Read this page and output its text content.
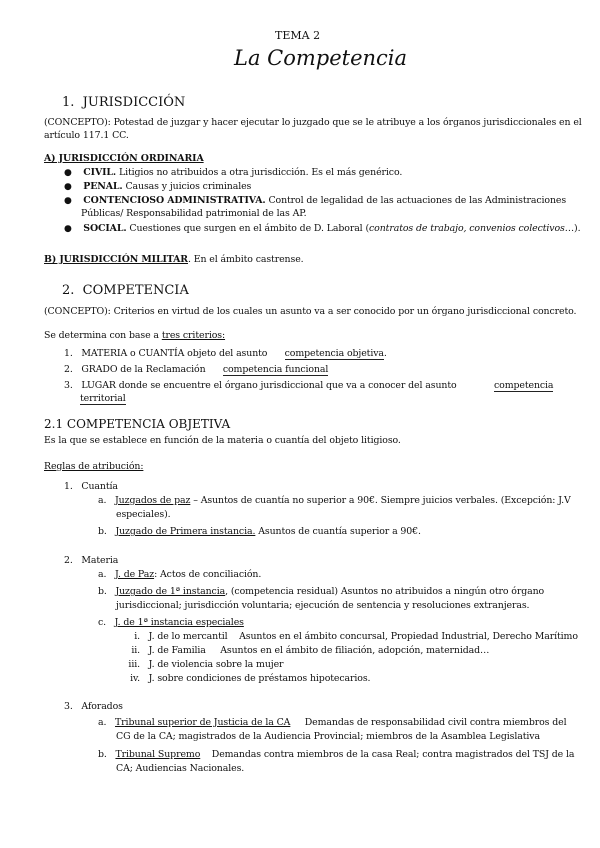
TEMA 2
La Competencia
1. JURISDICCIÓN
(CONCEPTO): Potestad de juzgar y hacer ejecutar lo juzgado que se le atribuye a los órganos jurisdiccionales en el
artículo 117.1 CC.
A) JURISDICCIÓN ORDINARIA
● CIVIL. Litigios no atribuidos a otra jurisdicción. Es el más genérico.
● PENAL. Causas y juicios criminales
● CONTENCIOSO ADMINISTRATIVA. Control de legalidad de las actuaciones de las Administraciones
Públicas/ Responsabilidad patrimonial de las AP.
● SOCIAL. Cuestiones que surgen en el ámbito de D. Laboral (contratos de trabajo, convenios colectivos…).
B) JURISDICCIÓN MILITAR. En el ámbito castrense.
2. COMPETENCIA
(CONCEPTO): Criterios en virtud de los cuales un asunto va a ser conocido por un órgano jurisdiccional concreto.
Se determina con base a tres criterios:
1. MATERIA o CUANTÍA objeto del asunto competencia objetiva.
2. GRADO de la Reclamación competencia funcional
3. LUGAR donde se encuentre el órgano jurisdiccional que va a conocer del asunto	competencia
territorial
2.1 COMPETENCIA OBJETIVA
Es la que se establece en función de la materia o cuantía del objeto litigioso.
Reglas de atribución:
1. Cuantía
a. Juzgados de paz – Asuntos de cuantía no superior a 90€. Siempre juicios verbales. (Excepción: J.V
especiales).
b. Juzgado de Primera instancia. Asuntos de cuantía superior a 90€.
2. Materia
a. J. de Paz: Actos de conciliación.
b. Juzgado de 1ª instancia, (competencia residual) Asuntos no atribuidos a ningún otro órgano
jurisdiccional; jurisdicción voluntaria; ejecución de sentencia y resoluciones extranjeras.
c. J. de 1ª instancia especiales
i. J. de lo mercantil Asuntos en el ámbito concursal, Propiedad Industrial, Derecho Marítimo
ii. J. de Familia Asuntos en el ámbito de filiación, adopción, maternidad…
iii. J. de violencia sobre la mujer
iv. J. sobre condiciones de préstamos hipotecarios.
3. Aforados
a. Tribunal superior de Justicia de la CA Demandas de responsabilidad civil contra miembros del
CG de la CA; magistrados de la Audiencia Provincial; miembros de la Asamblea Legislativa
b. Tribunal Supremo Demandas contra miembros de la casa Real; contra magistrados del TSJ de la
CA; Audiencias Nacionales.
